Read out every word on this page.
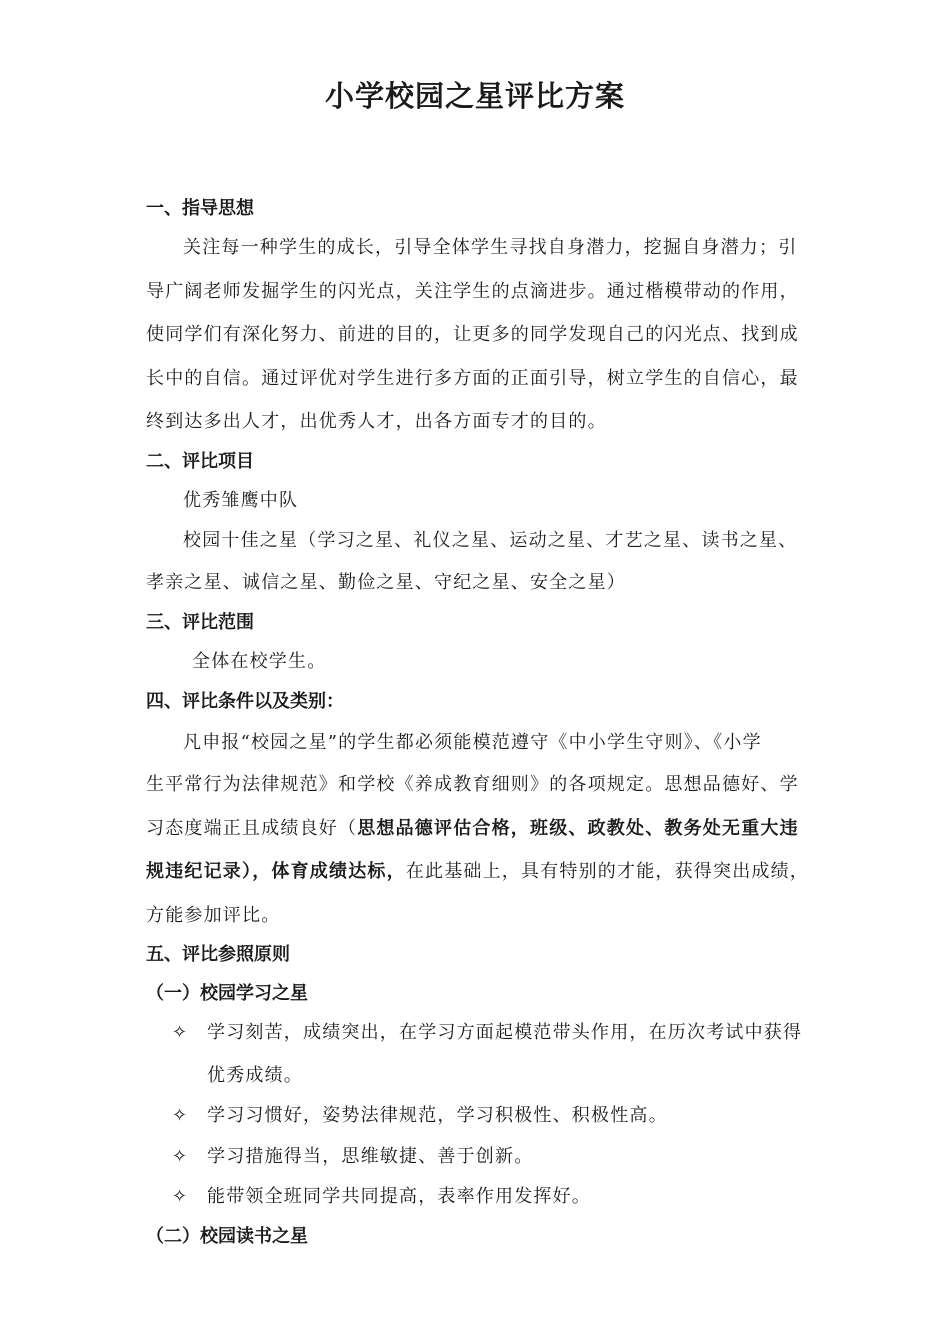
小学校园之星评比方案
一、指导思想
关注每一种学生的成长，引导全体学生寻找自身潜力，挖掘自身潜力；引
导广阔老师发掘学生的闪光点，关注学生的点滴进步。通过楷模带动的作用，
使同学们有深化努力、前进的目的，让更多的同学发现自己的闪光点、找到成
长中的自信。通过评优对学生进行多方面的正面引导，树立学生的自信心，最
终到达多出人才，出优秀人才，出各方面专才的目的。
二、评比项目
优秀雏鹰中队
校园十佳之星（学习之星、礼仪之星、运动之星、才艺之星、读书之星、
孝亲之星、诚信之星、勤俭之星、守纪之星、安全之星）
三、评比范围
全体在校学生。
四、评比条件以及类别：
凡申报“校园之星”的学生都必须能模范遵守《中小学生守则》、《小学
生平常行为法律规范》和学校《养成教育细则》的各项规定。思想品德好、学
习态度端正且成绩良好（思想品德评估合格，班级、政教处、教务处无重大违
规违纪记录），体育成绩达标，在此基础上，具有特别的才能，获得突出成绩，
方能参加评比。
五、评比参照原则
（一）校园学习之星
✧ 学习刻苦，成绩突出，在学习方面起模范带头作用，在历次考试中获得
优秀成绩。
✧ 学习习惯好，姿势法律规范，学习积极性、积极性高。
✧ 学习措施得当，思维敏捷、善于创新。
✧ 能带领全班同学共同提高，表率作用发挥好。
（二）校园读书之星
